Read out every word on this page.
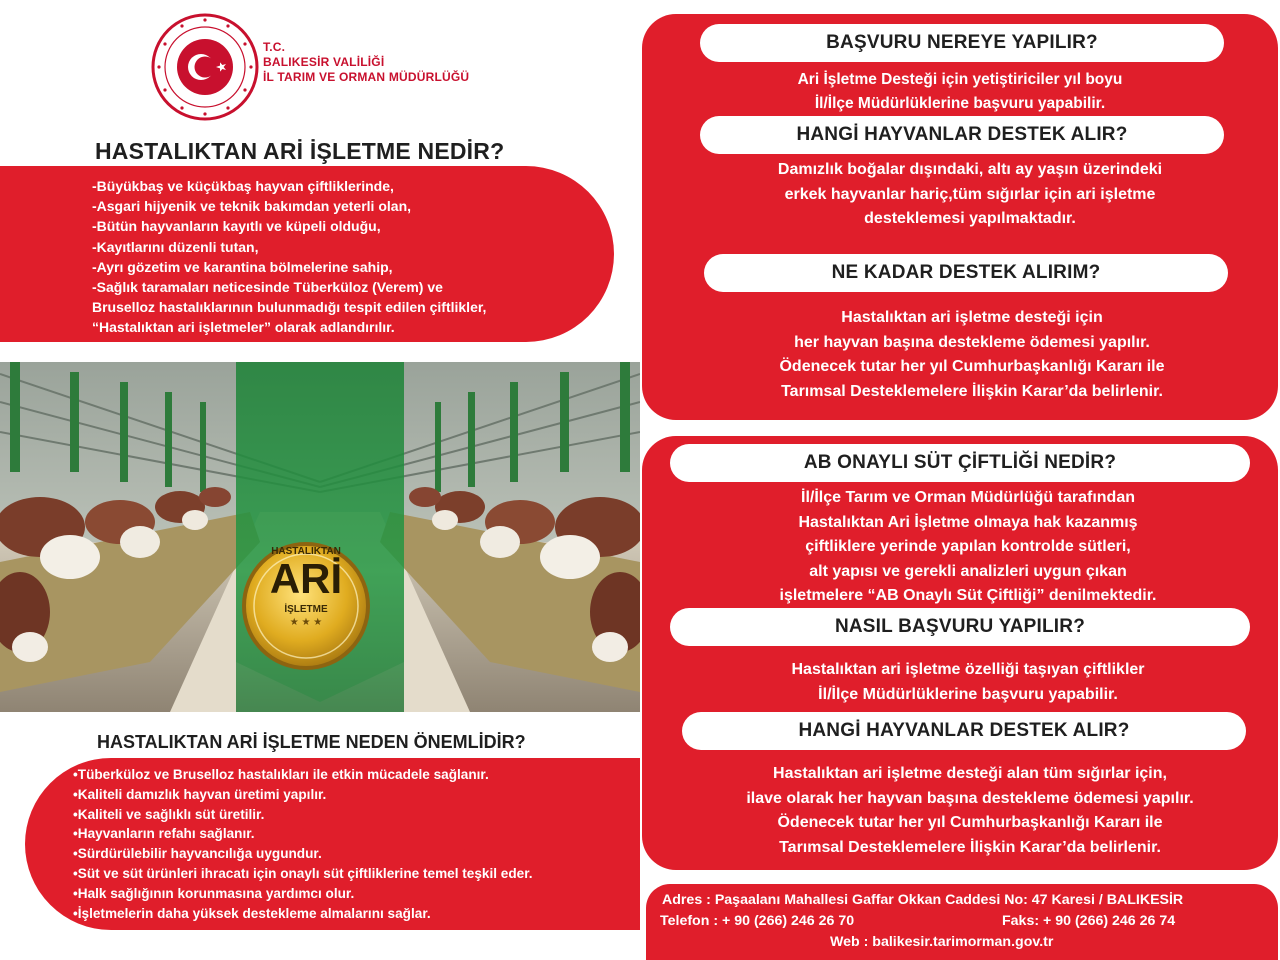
T.C.
BALIKESİR VALİLİĞİ
İL TARIM VE ORMAN MÜDÜRLÜĞÜ
HASTALIKTAN ARİ İŞLETME NEDİR?
-Büyükbaş ve küçükbaş hayvan çiftliklerinde,
-Asgari hijyenik ve teknik bakımdan yeterli olan,
-Bütün hayvanların kayıtlı ve küpeli olduğu,
-Kayıtlarını düzenli tutan,
-Ayrı gözetim ve karantina bölmelerine sahip,
-Sağlık taramaları neticesinde Tüberküloz (Verem) ve
Bruselloz hastalıklarının bulunmadığı tespit edilen çiftlikler,
“Hastalıktan ari işletmeler” olarak adlandırılır.
HASTALIKTAN
ARİ
İŞLETME
★ ★ ★
HASTALIKTAN ARİ İŞLETME NEDEN ÖNEMLİDİR?
•Tüberküloz ve Bruselloz hastalıkları ile etkin mücadele sağlanır.
•Kaliteli damızlık hayvan üretimi yapılır.
•Kaliteli ve sağlıklı süt üretilir.
•Hayvanların refahı sağlanır.
•Sürdürülebilir hayvancılığa uygundur.
•Süt ve süt ürünleri ihracatı için onaylı süt çiftliklerine temel teşkil eder.
•Halk sağlığının korunmasına yardımcı olur.
•İşletmelerin daha yüksek destekleme almalarını sağlar.
BAŞVURU NEREYE YAPILIR?
Ari İşletme Desteği için yetiştiriciler yıl boyu
İl/İlçe Müdürlüklerine başvuru yapabilir.
HANGİ HAYVANLAR DESTEK ALIR?
Damızlık boğalar dışındaki, altı ay yaşın üzerindeki
erkek hayvanlar hariç,tüm sığırlar için ari işletme
desteklemesi yapılmaktadır.
NE KADAR DESTEK ALIRIM?
Hastalıktan ari işletme desteği için
her hayvan başına destekleme ödemesi yapılır.
Ödenecek tutar her yıl Cumhurbaşkanlığı Kararı ile
Tarımsal Desteklemelere İlişkin Karar’da belirlenir.
AB ONAYLI SÜT ÇİFTLİĞİ NEDİR?
İl/İlçe Tarım ve Orman Müdürlüğü tarafından
Hastalıktan Ari İşletme olmaya hak kazanmış
çiftliklere yerinde yapılan kontrolde sütleri,
alt yapısı ve gerekli analizleri uygun çıkan
işletmelere “AB Onaylı Süt Çiftliği” denilmektedir.
NASIL BAŞVURU YAPILIR?
Hastalıktan ari işletme özelliği taşıyan çiftlikler
İl/İlçe Müdürlüklerine başvuru yapabilir.
HANGİ HAYVANLAR DESTEK ALIR?
Hastalıktan ari işletme desteği alan tüm sığırlar için,
ilave olarak her hayvan başına destekleme ödemesi yapılır.
Ödenecek tutar her yıl Cumhurbaşkanlığı Kararı ile
Tarımsal Desteklemelere İlişkin Karar’da belirlenir.
Adres : Paşaalanı Mahallesi Gaffar Okkan Caddesi No: 47 Karesi / BALIKESİR
Telefon : + 90 (266) 246 26 70	Faks: + 90 (266) 246 26 74
Web : balikesir.tarimorman.gov.tr
